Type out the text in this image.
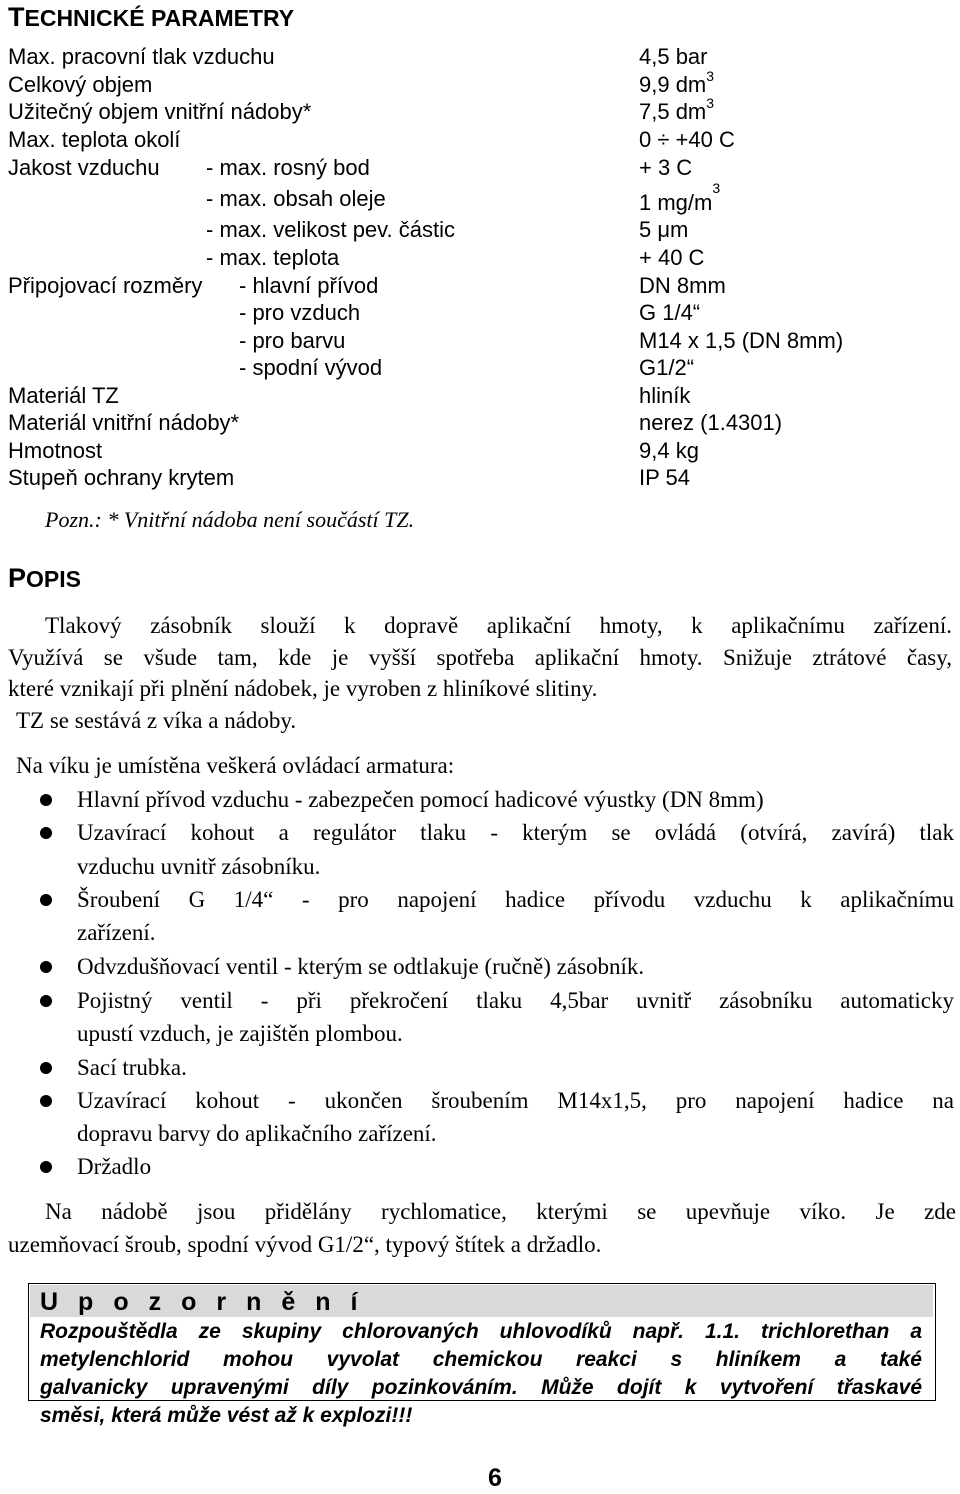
TECHNICKÉ PARAMETRY
Max. pracovní tlak vzduchu	4,5 bar
Celkový objem	9,9 $dm^3$
Užitečný objem vnitřní nádoby*	7,5 $dm^3$
Max. teplota okolí	0 ÷ +40 C
Jakost vzduchu - max. rosný bod	+ 3 C
- max. obsah oleje	1 $mg/m^3$
- max. velikost pev. částic	5 μm
- max. teplota	+ 40 C
Připojovací rozměry - hlavní přívod	DN 8mm
- pro vzduch	G 1/4“
- pro barvu	M14 x 1,5 (DN 8mm)
- spodní vývod	G1/2“
Materiál TZ	hliník
Materiál vnitřní nádoby*	nerez (1.4301)
Hmotnost	9,4 kg
Stupeň ochrany krytem	IP 54
Pozn.: * Vnitřní nádoba není součástí TZ.
POPIS
Tlakový zásobník slouží k dopravě aplikační hmoty, k aplikačnímu zařízení.
Využívá se všude tam, kde je vyšší spotřeba aplikační hmoty. Snižuje ztrátové časy,
které vznikají při plnění nádobek, je vyroben z hliníkové slitiny.
TZ se sestává z víka a nádoby.
Na víku je umístěna veškerá ovládací armatura:
Hlavní přívod vzduchu - zabezpečen pomocí hadicové výustky (DN 8mm)
Uzavírací kohout a regulátor tlaku - kterým se ovládá (otvírá, zavírá) tlak
vzduchu uvnitř zásobníku.
Šroubení G 1/4“ - pro napojení hadice přívodu vzduchu k aplikačnímu
zařízení.
Odvzdušňovací ventil - kterým se odtlakuje (ručně) zásobník.
Pojistný ventil - při překročení tlaku 4,5bar uvnitř zásobníku automaticky
upustí vzduch, je zajištěn plombou.
Sací trubka.
Uzavírací kohout - ukončen šroubením M14x1,5, pro napojení hadice na
dopravu barvy do aplikačního zařízení.
Držadlo
Na nádobě jsou přidělány rychlomatice, kterými se upevňuje víko. Je zde
uzemňovací šroub, spodní vývod G1/2“, typový štítek a držadlo.
Upozornění
Rozpouštědla ze skupiny chlorovaných uhlovodíků např. 1.1. trichlorethan a
metylenchlorid mohou vyvolat chemickou reakci s hliníkem a také
galvanicky upravenými díly pozinkováním. Může dojít k vytvoření třaskavé
směsi, která může vést až k explozi!!!
6
